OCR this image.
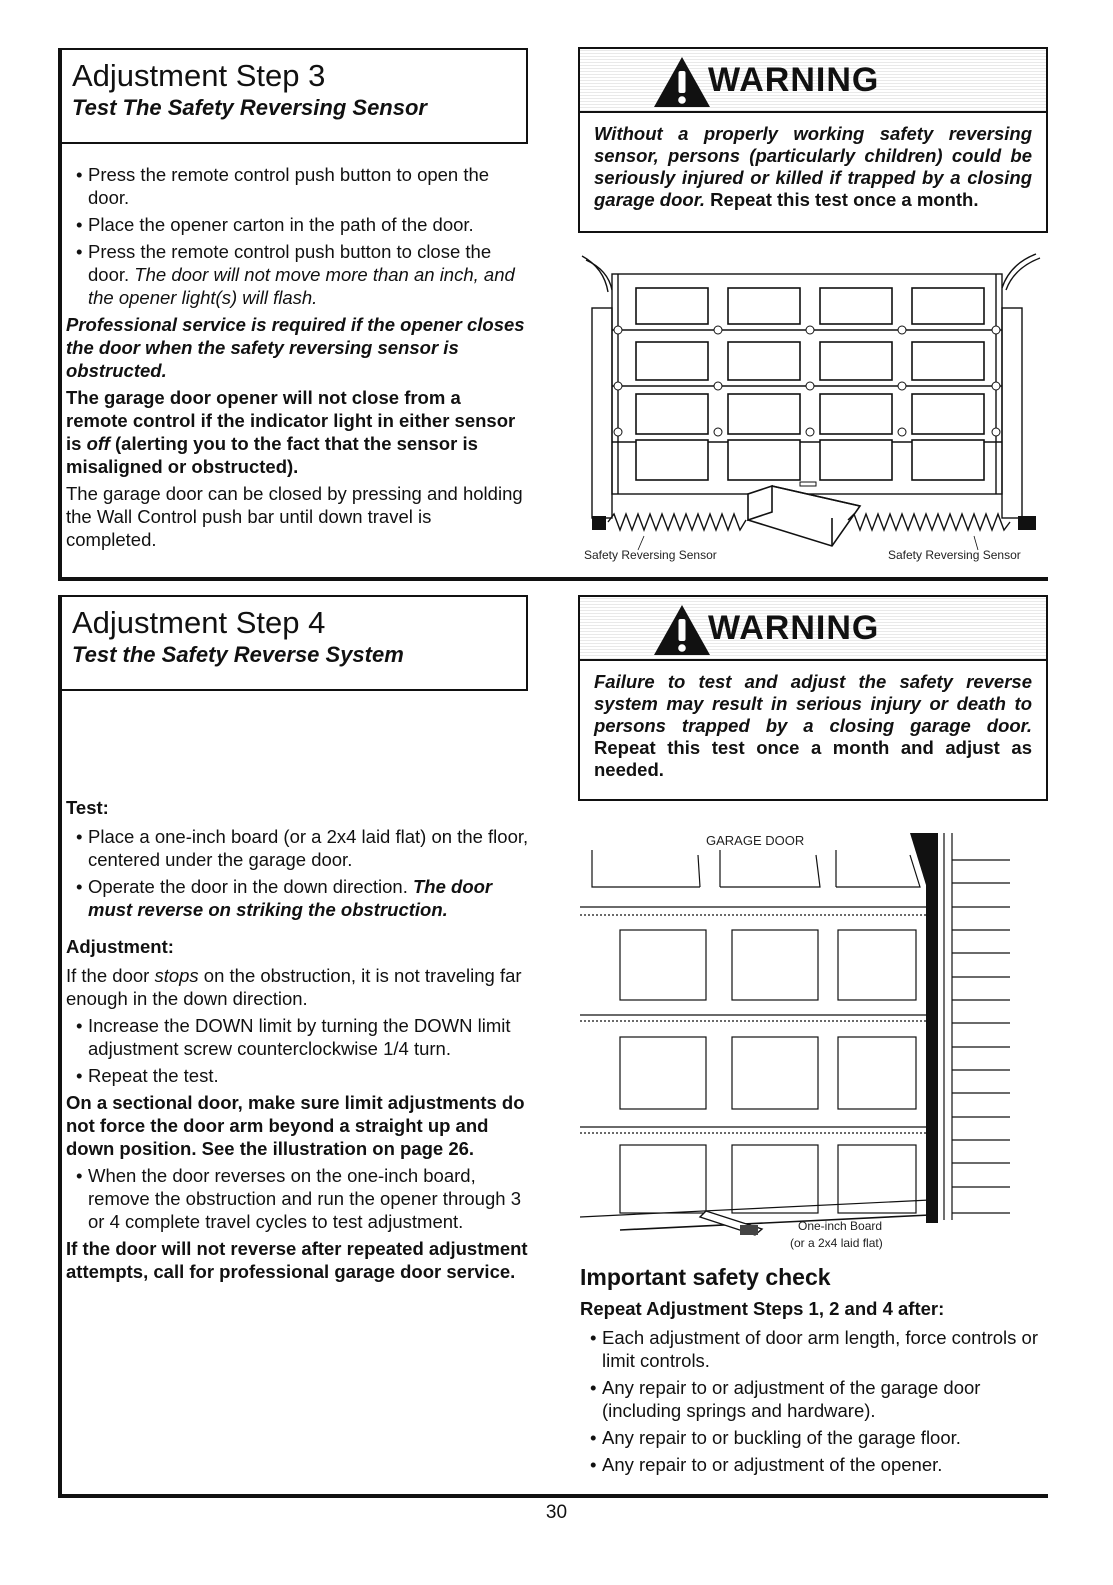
Adjustment Step 3

Test The Safety Reversing Sensor

• Press the remote control push button to open the door.

• Place the opener carton in the path of the door.

• Press the remote control push button to close the door. The door will not move more than an inch, and the opener light(s) will flash.

Professional service is required if the opener closes the door when the safety reversing sensor is obstructed.

The garage door opener will not close from a remote control if the indicator light in either sensor is off (alerting you to the fact that the sensor is misaligned or obstructed).

The garage door can be closed by pressing and holding the Wall Control push bar until down travel is completed.

WARNING
Without a properly working safety reversing sensor, persons (particularly children) could be seriously injured or killed if trapped by a closing garage door. Repeat this test once a month.
Safety Reversing Sensor	Safety Reversing Sensor

Adjustment Step 4

Test the Safety Reverse System

Test:

• Place a one-inch board (or a 2x4 laid flat) on the floor, centered under the garage door.

• Operate the door in the down direction. The door must reverse on striking the obstruction.

Adjustment:

If the door stops on the obstruction, it is not traveling far enough in the down direction.

• Increase the DOWN limit by turning the DOWN limit adjustment screw counterclockwise 1/4 turn.

• Repeat the test.

On a sectional door, make sure limit adjustments do not force the door arm beyond a straight up and down position. See the illustration on page 26.

• When the door reverses on the one-inch board, remove the obstruction and run the opener through 3 or 4 complete travel cycles to test adjustment.

If the door will not reverse after repeated adjustment attempts, call for professional garage door service.

WARNING
Failure to test and adjust the safety reverse system may result in serious injury or death to persons trapped by a closing garage door. Repeat this test once a month and adjust as needed.
GARAGE DOOR
One-inch Board
(or a 2x4 laid flat)

Important safety check

Repeat Adjustment Steps 1, 2 and 4 after:

• Each adjustment of door arm length, force controls or limit controls.

• Any repair to or adjustment of the garage door (including springs and hardware).

• Any repair to or buckling of the garage floor.

• Any repair to or adjustment of the opener.

30
